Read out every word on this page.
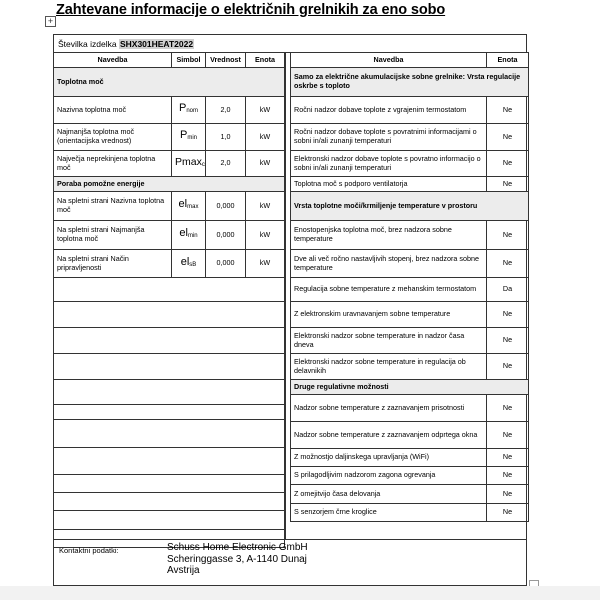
Zahtevane informacije o električnih grelnikih za eno sobo
+
Številka izdelka SHX301HEAT2022
Navedba	Simbol	Vrednost	Enota
Toplotna moč			
Nazivna toplotna moč	$P_{nom}$	2,0	kW
Najmanjša toplotna moč (orientacijska vrednost)	$P_{min}$	1,0	kW
Največja neprekinjena toplotna moč	Pmax$_c$	2,0	kW
Poraba pomožne energije			
Na spletni strani Nazivna toplotna moč	$el_{max}$	0,000	kW
Na spletni strani Najmanjša toplotna moč	$el_{min}$	0,000	kW
Na spletni strani Način pripravljenosti	$el_{sB}$	0,000	kW

Navedba	Enota
Samo za električne akumulacijske sobne grelnike: Vrsta regulacije oskrbe s toploto	
Ročni nadzor dobave toplote z vgrajenim termostatom	Ne
Ročni nadzor dobave toplote s povratnimi informacijami o sobni in/ali zunanji temperaturi	Ne
Elektronski nadzor dobave toplote s povratno informacijo o sobni in/ali zunanji temperaturi	Ne
Toplotna moč s podporo ventilatorja	Ne
Vrsta toplotne moči/krmiljenje temperature v prostoru	
Enostopenjska toplotna moč, brez nadzora sobne temperature	Ne
Dve ali več ročno nastavljivih stopenj, brez nadzora sobne temperature	Ne
Regulacija sobne temperature z mehanskim termostatom	Da
Z elektronskim uravnavanjem sobne temperature	Ne
Elektronski nadzor sobne temperature in nadzor časa dneva	Ne
Elektronski nadzor sobne temperature in regulacija ob delavnikih	Ne
Druge regulativne možnosti	
Nadzor sobne temperature z zaznavanjem prisotnosti	Ne
Nadzor sobne temperature z zaznavanjem odprtega okna	Ne
Z možnostjo daljinskega upravljanja (WiFi)	Ne
S prilagodljivim nadzorom zagona ogrevanja	Ne
Z omejitvijo časa delovanja	Ne
S senzorjem črne kroglice	Ne
Kontaktni podatki:	Schuss Home Electronic GmbH
Scheringgasse 3, A-1140 Dunaj
Avstrija
